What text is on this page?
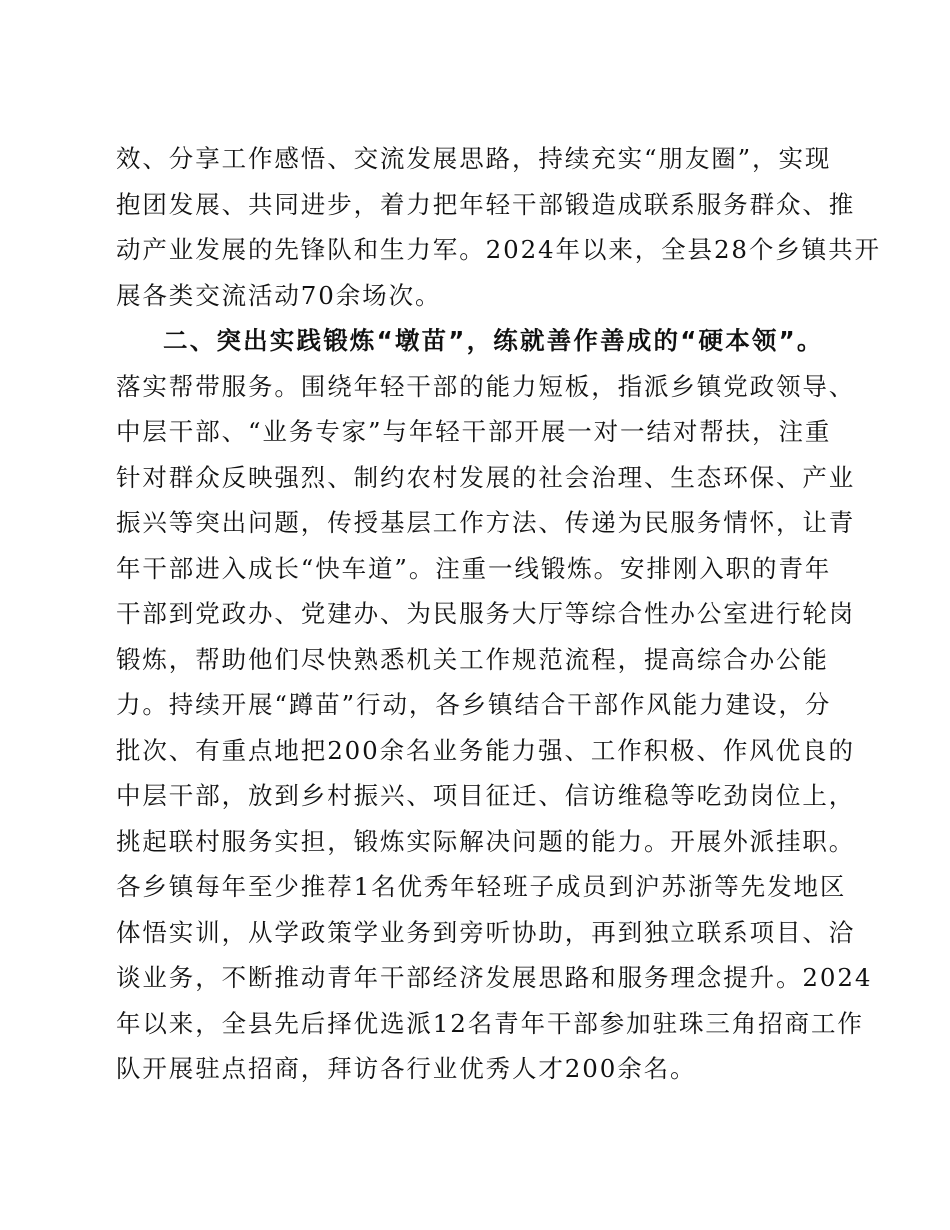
效、分享工作感悟、交流发展思路，持续充实“朋友圈”，实现
抱团发展、共同进步，着力把年轻干部锻造成联系服务群众、推
动产业发展的先锋队和生力军。2024年以来，全县28个乡镇共开
展各类交流活动70余场次。
二、突出实践锻炼“墩苗”，练就善作善成的“硬本领”。
落实帮带服务。围绕年轻干部的能力短板，指派乡镇党政领导、
中层干部、“业务专家”与年轻干部开展一对一结对帮扶，注重
针对群众反映强烈、制约农村发展的社会治理、生态环保、产业
振兴等突出问题，传授基层工作方法、传递为民服务情怀，让青
年干部进入成长“快车道”。注重一线锻炼。安排刚入职的青年
干部到党政办、党建办、为民服务大厅等综合性办公室进行轮岗
锻炼，帮助他们尽快熟悉机关工作规范流程，提高综合办公能
力。持续开展“蹲苗”行动，各乡镇结合干部作风能力建设，分
批次、有重点地把200余名业务能力强、工作积极、作风优良的
中层干部，放到乡村振兴、项目征迁、信访维稳等吃劲岗位上，
挑起联村服务实担，锻炼实际解决问题的能力。开展外派挂职。
各乡镇每年至少推荐1名优秀年轻班子成员到沪苏浙等先发地区
体悟实训，从学政策学业务到旁听协助，再到独立联系项目、洽
谈业务，不断推动青年干部经济发展思路和服务理念提升。2024
年以来，全县先后择优选派12名青年干部参加驻珠三角招商工作
队开展驻点招商，拜访各行业优秀人才200余名。
